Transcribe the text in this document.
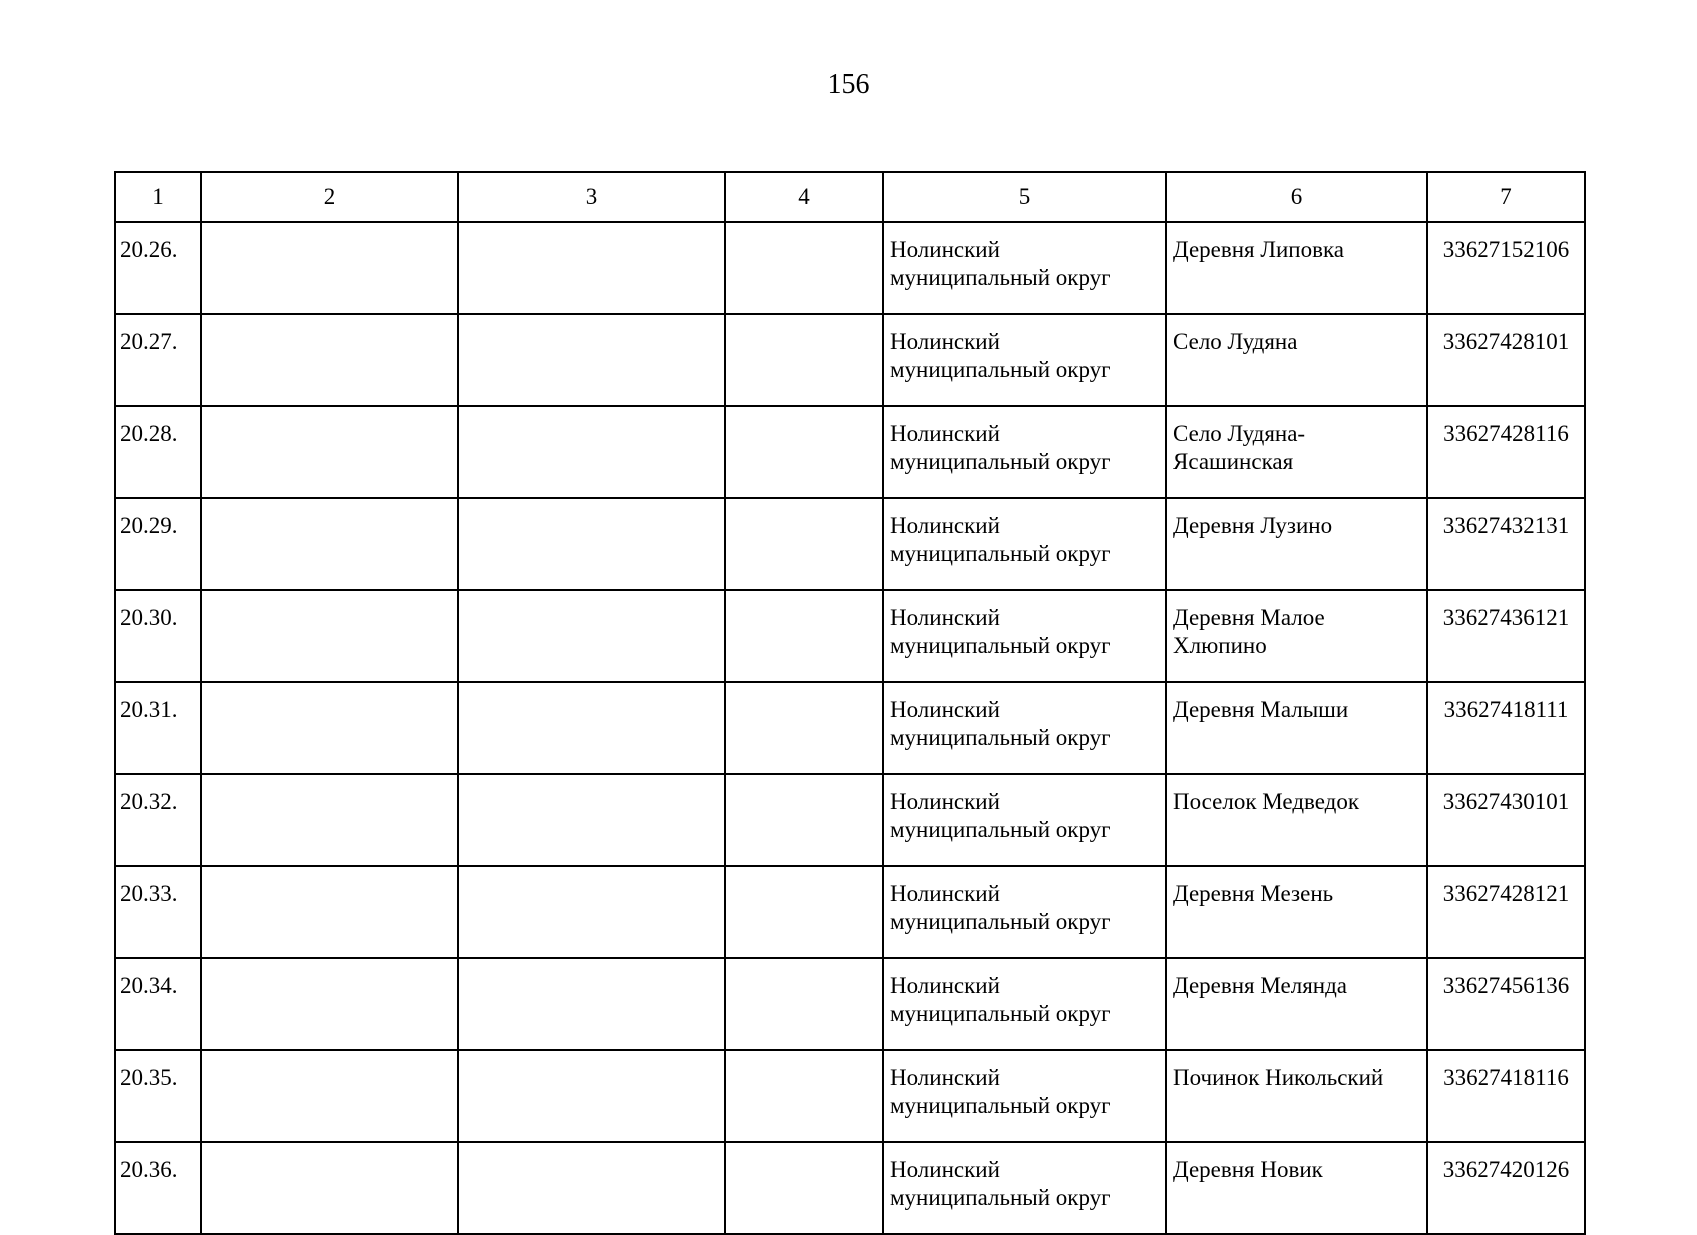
156
1	2	3	4	5	6	7
20.26.				Нолинский муниципальный округ	Деревня Липовка	33627152106
20.27.				Нолинский муниципальный округ	Село Лудяна	33627428101
20.28.				Нолинский муниципальный округ	Село Лудяна-Ясашинская	33627428116
20.29.				Нолинский муниципальный округ	Деревня Лузино	33627432131
20.30.				Нолинский муниципальный округ	Деревня Малое Хлюпино	33627436121
20.31.				Нолинский муниципальный округ	Деревня Малыши	33627418111
20.32.				Нолинский муниципальный округ	Поселок Медведок	33627430101
20.33.				Нолинский муниципальный округ	Деревня Мезень	33627428121
20.34.				Нолинский муниципальный округ	Деревня Мелянда	33627456136
20.35.				Нолинский муниципальный округ	Починок Никольский	33627418116
20.36.				Нолинский муниципальный округ	Деревня Новик	33627420126
